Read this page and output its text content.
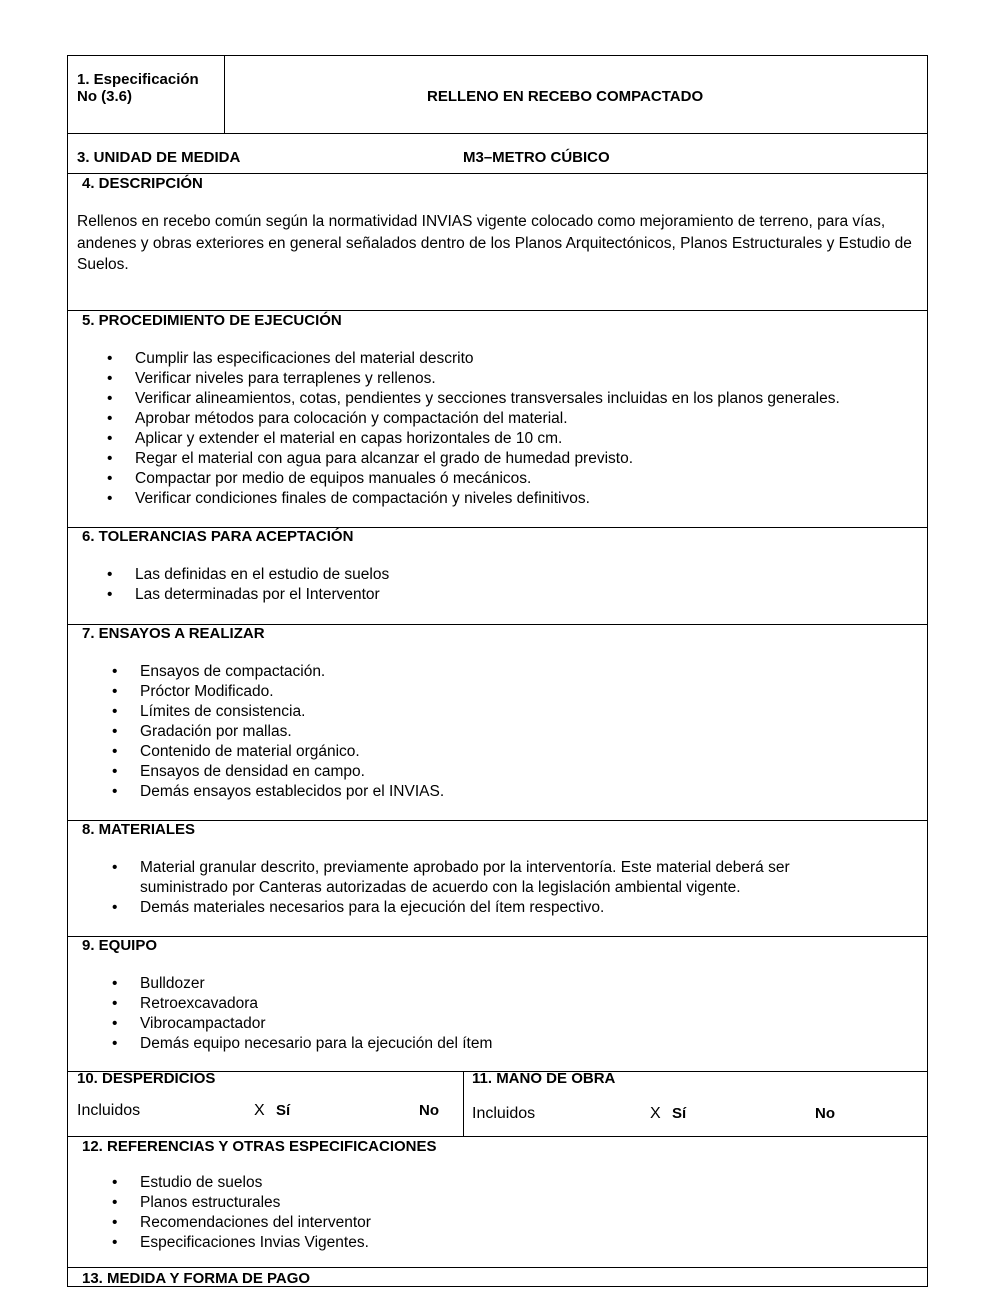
1. Especificación
No (3.6)	RELLENO EN RECEBO COMPACTADO
3. UNIDAD DE MEDIDA	M3–METRO CÚBICO
4. DESCRIPCIÓN
Rellenos en recebo común según la normatividad INVIAS vigente colocado como mejoramiento de terreno, para vías, andenes y obras exteriores en general señalados dentro de los Planos Arquitectónicos, Planos Estructurales y Estudio de Suelos.
5. PROCEDIMIENTO DE EJECUCIÓN
• Cumplir las especificaciones del material descrito
• Verificar niveles para terraplenes y rellenos.
• Verificar alineamientos, cotas, pendientes y secciones transversales incluidas en los planos generales.
• Aprobar métodos para colocación y compactación del material.
• Aplicar y extender el material en capas horizontales de 10 cm.
• Regar el material con agua para alcanzar el grado de humedad previsto.
• Compactar por medio de equipos manuales ó mecánicos.
• Verificar condiciones finales de compactación y niveles definitivos.
6. TOLERANCIAS PARA ACEPTACIÓN
• Las definidas en el estudio de suelos
• Las determinadas por el Interventor
7. ENSAYOS A REALIZAR
• Ensayos de compactación.
• Próctor Modificado.
• Límites de consistencia.
• Gradación por mallas.
• Contenido de material orgánico.
• Ensayos de densidad en campo.
• Demás ensayos establecidos por el INVIAS.
8. MATERIALES
• Material granular descrito, previamente aprobado por la interventoría. Este material deberá ser suministrado por Canteras autorizadas de acuerdo con la legislación ambiental vigente.
• Demás materiales necesarios para la ejecución del ítem respectivo.
9. EQUIPO
• Bulldozer
• Retroexcavadora
• Vibrocampactador
• Demás equipo necesario para la ejecución del ítem
10. DESPERDICIOS
Incluidos	X Sí	No
11. MANO DE OBRA
Incluidos	X Sí	No
12. REFERENCIAS Y OTRAS ESPECIFICACIONES
• Estudio de suelos
• Planos estructurales
• Recomendaciones del interventor
• Especificaciones Invias Vigentes.
13. MEDIDA Y FORMA DE PAGO
